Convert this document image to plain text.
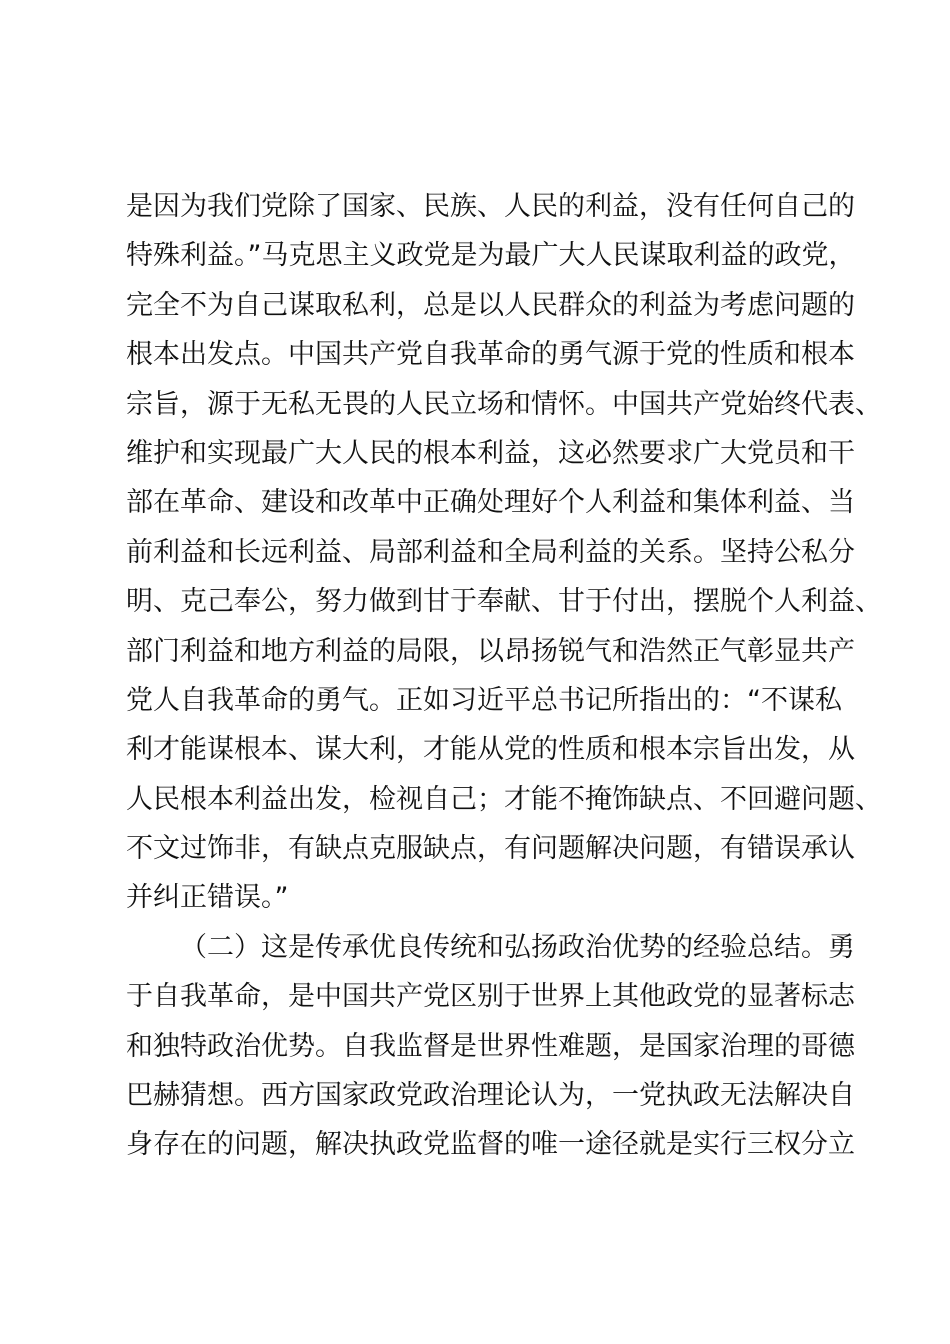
是因为我们党除了国家、民族、人民的利益，没有任何自己的
特殊利益。”马克思主义政党是为最广大人民谋取利益的政党，
完全不为自己谋取私利，总是以人民群众的利益为考虑问题的
根本出发点。中国共产党自我革命的勇气源于党的性质和根本
宗旨，源于无私无畏的人民立场和情怀。中国共产党始终代表、
维护和实现最广大人民的根本利益，这必然要求广大党员和干
部在革命、建设和改革中正确处理好个人利益和集体利益、当
前利益和长远利益、局部利益和全局利益的关系。坚持公私分
明、克己奉公，努力做到甘于奉献、甘于付出，摆脱个人利益、
部门利益和地方利益的局限，以昂扬锐气和浩然正气彰显共产
党人自我革命的勇气。正如习近平总书记所指出的：“不谋私
利才能谋根本、谋大利，才能从党的性质和根本宗旨出发，从
人民根本利益出发，检视自己；才能不掩饰缺点、不回避问题、
不文过饰非，有缺点克服缺点，有问题解决问题，有错误承认
并纠正错误。”
（二）这是传承优良传统和弘扬政治优势的经验总结。勇
于自我革命，是中国共产党区别于世界上其他政党的显著标志
和独特政治优势。自我监督是世界性难题，是国家治理的哥德
巴赫猜想。西方国家政党政治理论认为，一党执政无法解决自
身存在的问题，解决执政党监督的唯一途径就是实行三权分立
